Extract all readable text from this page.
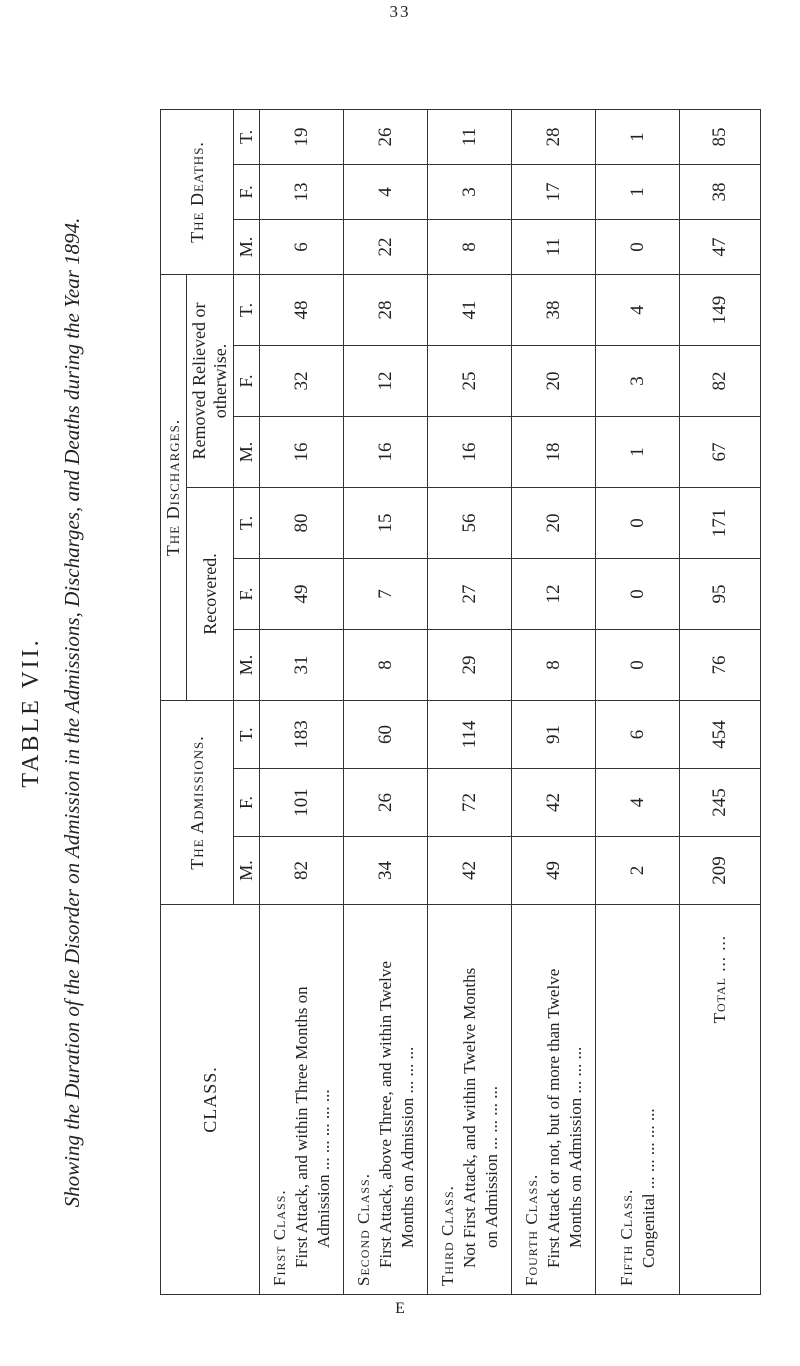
33
TABLE VII. Showing the Duration of the Disorder on Admission in the Admissions, Discharges, and Deaths during the Year 1894.	CLASS.	The Admissions.			The Discharges.						The Deaths.		
				Recovered.			Removed Relieved or otherwise.					
	M.	F.	T.	M.	F.	T.	M.	F.	T.	M.	F.	T.

First Class. First Attack, and within Three Months on Admission ... ... ... ... ...	82	101	183	31	49	80	16	32	48	6	13	19

Second Class. First Attack, above Three, and within Twelve Months on Admission ... ... ...	34	26	60	8	7	15	16	12	28	22	4	26

Third Class. Not First Attack, and within Twelve Months on Admission ... ... ... ...	42	72	114	29	27	56	16	25	41	8	3	11

Fourth Class. First Attack or not, but of more than Twelve Months on Admission ... ... ...	49	42	91	8	12	20	18	20	38	11	17	28

Fifth Class. Congenital ... ... ... ... ...	2	4	6	0	0	0	1	3	4	0	1	1
Total ... ...	209	245	454	76	95	171	67	82	149	47	38	85
E
